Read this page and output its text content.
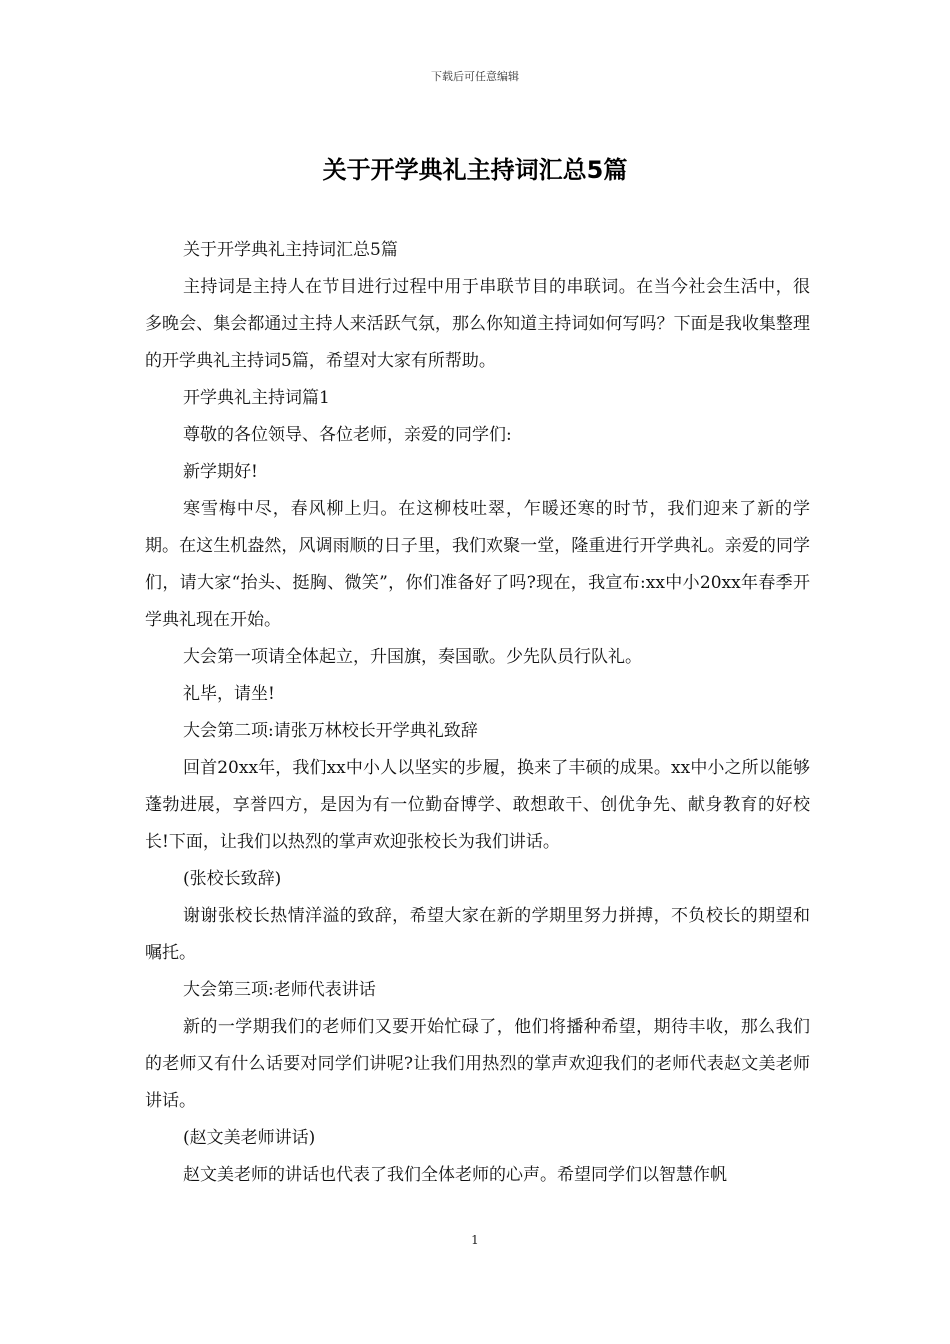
下载后可任意编辑
关于开学典礼主持词汇总5篇

关于开学典礼主持词汇总5篇

主持词是主持人在节目进行过程中用于串联节目的串联词。在当今社会生活中，很多晚会、集会都通过主持人来活跃气氛，那么你知道主持词如何写吗？下面是我收集整理的开学典礼主持词5篇，希望对大家有所帮助。

开学典礼主持词篇1

尊敬的各位领导、各位老师，亲爱的同学们:

新学期好!

寒雪梅中尽，春风柳上归。在这柳枝吐翠，乍暖还寒的时节，我们迎来了新的学期。在这生机盎然，风调雨顺的日子里，我们欢聚一堂，隆重进行开学典礼。亲爱的同学们，请大家“抬头、挺胸、微笑”，你们准备好了吗?现在，我宣布:xx中小20xx年春季开学典礼现在开始。

大会第一项请全体起立，升国旗，奏国歌。少先队员行队礼。

礼毕，请坐!

大会第二项:请张万林校长开学典礼致辞

回首20xx年，我们xx中小人以坚实的步履，换来了丰硕的成果。xx中小之所以能够蓬勃进展，享誉四方，是因为有一位勤奋博学、敢想敢干、创优争先、献身教育的好校长!下面，让我们以热烈的掌声欢迎张校长为我们讲话。

(张校长致辞)

谢谢张校长热情洋溢的致辞，希望大家在新的学期里努力拼搏，不负校长的期望和嘱托。

大会第三项:老师代表讲话

新的一学期我们的老师们又要开始忙碌了，他们将播种希望，期待丰收，那么我们的老师又有什么话要对同学们讲呢?让我们用热烈的掌声欢迎我们的老师代表赵文美老师讲话。

(赵文美老师讲话)

赵文美老师的讲话也代表了我们全体老师的心声。希望同学们以智慧作帆

1
